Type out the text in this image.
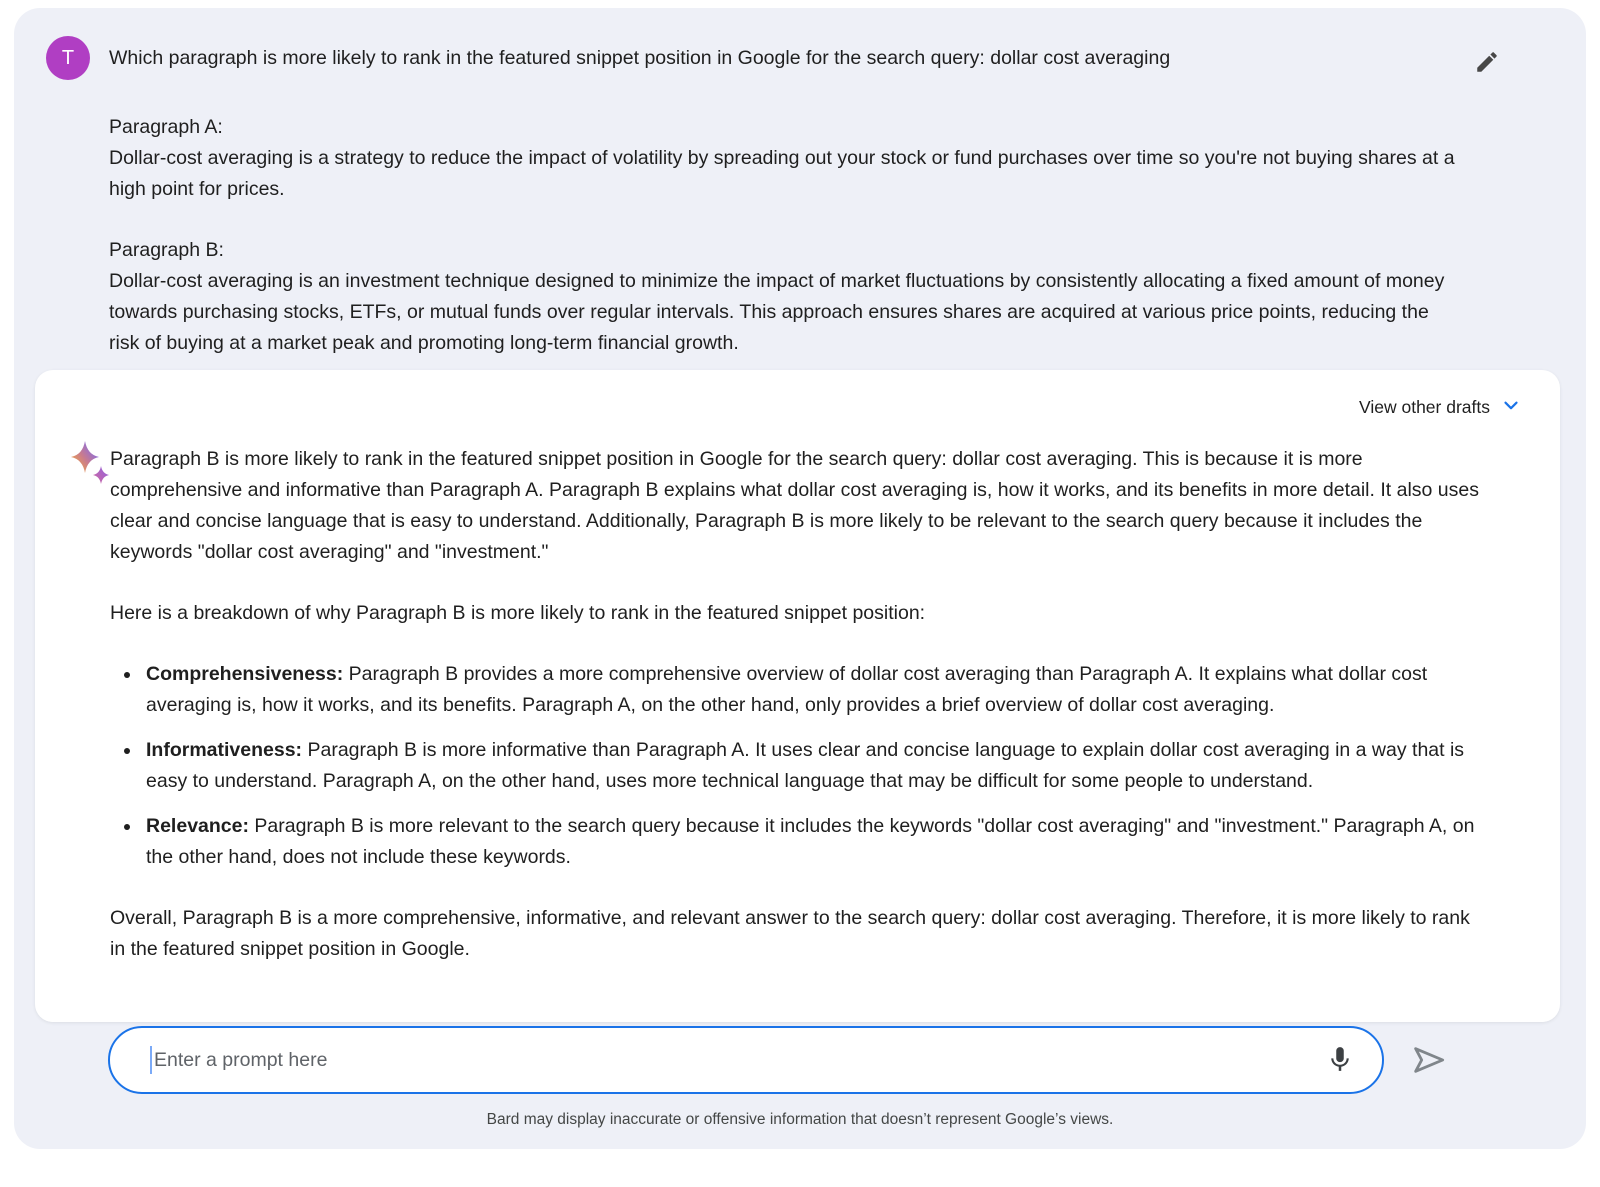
T Which paragraph is more likely to rank in the featured snippet position in Google for the search query: dollar cost averaging

Paragraph A:

Dollar-cost averaging is a strategy to reduce the impact of volatility by spreading out your stock or fund purchases over time so you're not buying shares at a high point for prices.

Paragraph B:

Dollar-cost averaging is an investment technique designed to minimize the impact of market fluctuations by consistently allocating a fixed amount of money towards purchasing stocks, ETFs, or mutual funds over regular intervals. This approach ensures shares are acquired at various price points, reducing the risk of buying at a market peak and promoting long-term financial growth.

View other drafts

Paragraph B is more likely to rank in the featured snippet position in Google for the search query: dollar cost averaging. This is because it is more comprehensive and informative than Paragraph A. Paragraph B explains what dollar cost averaging is, how it works, and its benefits in more detail. It also uses clear and concise language that is easy to understand. Additionally, Paragraph B is more likely to be relevant to the search query because it includes the keywords "dollar cost averaging" and "investment."

Here is a breakdown of why Paragraph B is more likely to rank in the featured snippet position:

• Comprehensiveness: Paragraph B provides a more comprehensive overview of dollar cost averaging than Paragraph A. It explains what dollar cost averaging is, how it works, and its benefits. Paragraph A, on the other hand, only provides a brief overview of dollar cost averaging.
• Informativeness: Paragraph B is more informative than Paragraph A. It uses clear and concise language to explain dollar cost averaging in a way that is easy to understand. Paragraph A, on the other hand, uses more technical language that may be difficult for some people to understand.
• Relevance: Paragraph B is more relevant to the search query because it includes the keywords "dollar cost averaging" and "investment." Paragraph A, on the other hand, does not include these keywords.

Overall, Paragraph B is a more comprehensive, informative, and relevant answer to the search query: dollar cost averaging. Therefore, it is more likely to rank in the featured snippet position in Google.

Enter a prompt here
Bard may display inaccurate or offensive information that doesn’t represent Google’s views.
